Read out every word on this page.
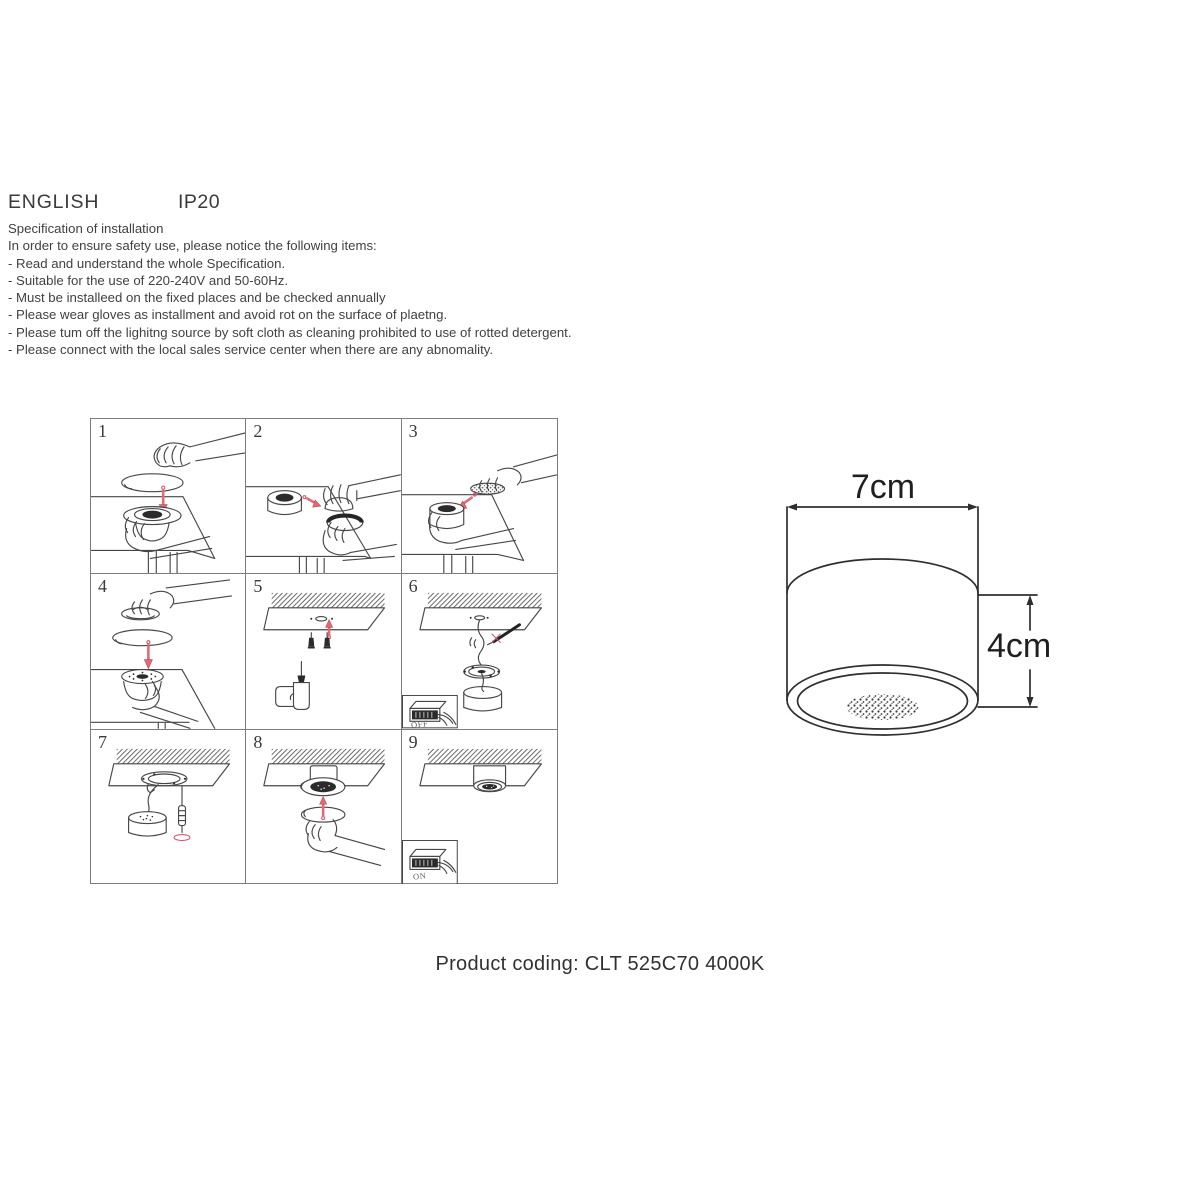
ENGLISH	IP20
Specification of installation
In order to ensure safety use, please notice the following items:
- Read and understand the whole Specification.
- Suitable for the use of 220-240V and 50-60Hz.
- Must be installeed on the fixed places and be checked annually
- Please wear gloves as installment and avoid rot on the surface of plaetng.
- Please tum off the lighitng source by soft cloth as cleaning prohibited to use of rotted detergent.
- Please connect with the local sales service center when there are any abnomality.
1	2	3
4	5	6
OFF
7	8	9
ON
7cm
4cm
Product coding: CLT 525C70 4000K
